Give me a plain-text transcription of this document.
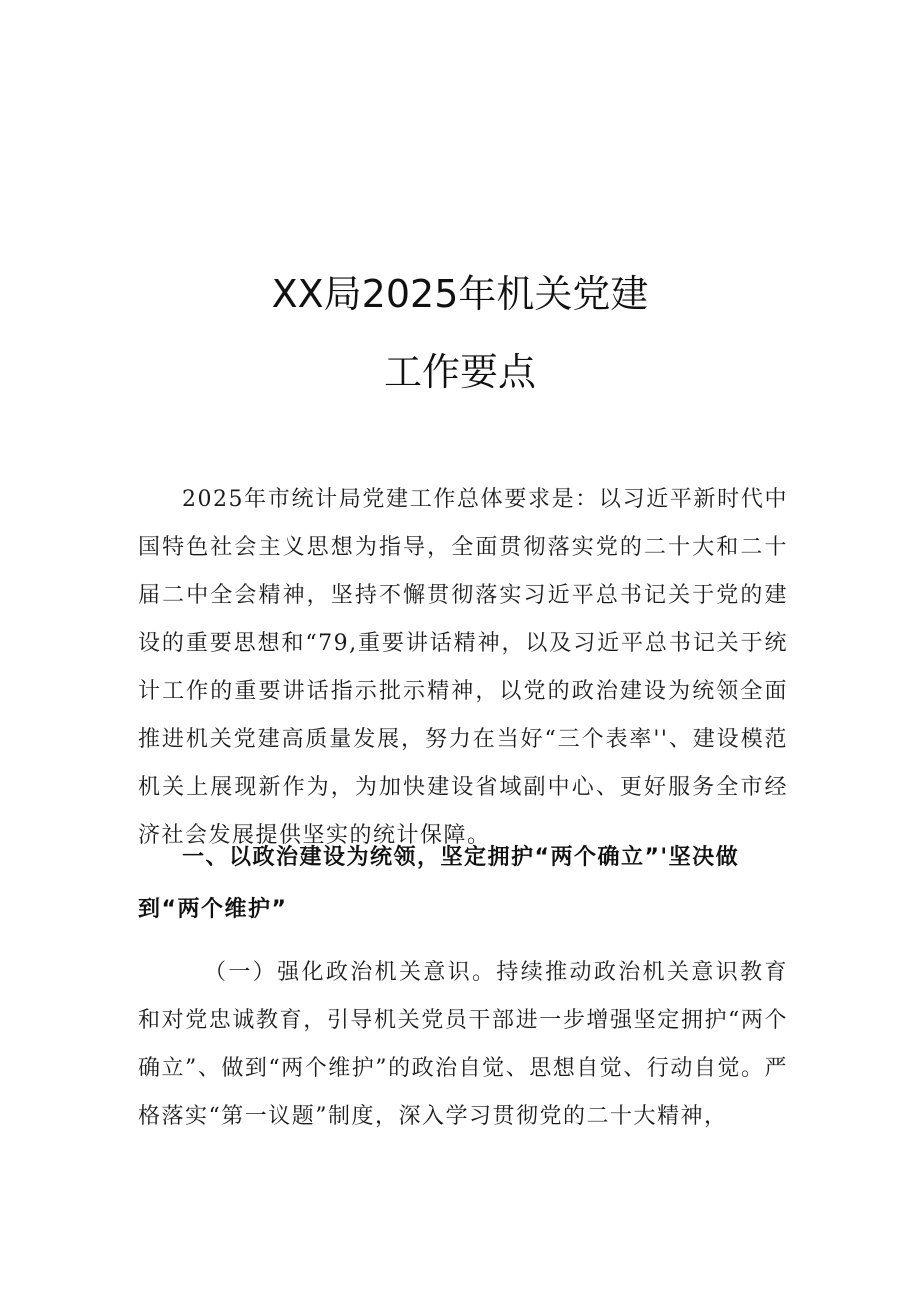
XX局2025年机关党建
工作要点

2025年市统计局党建工作总体要求是：以习近平新时代中国特色社会主义思想为指导，全面贯彻落实党的二十大和二十届二中全会精神，坚持不懈贯彻落实习近平总书记关于党的建设的重要思想和“79,重要讲话精神，以及习近平总书记关于统计工作的重要讲话指示批示精神，以党的政治建设为统领全面推进机关党建高质量发展，努力在当好“三个表率''、建设模范机关上展现新作为，为加快建设省域副中心、更好服务全市经济社会发展提供坚实的统计保障。

一、以政治建设为统领，坚定拥护“两个确立”'坚决做到“两个维护”

（一）强化政治机关意识。持续推动政治机关意识教育和对党忠诚教育，引导机关党员干部进一步增强坚定拥护“两个确立”、做到“两个维护”的政治自觉、思想自觉、行动自觉。严格落实“第一议题”制度，深入学习贯彻党的二十大精神，
